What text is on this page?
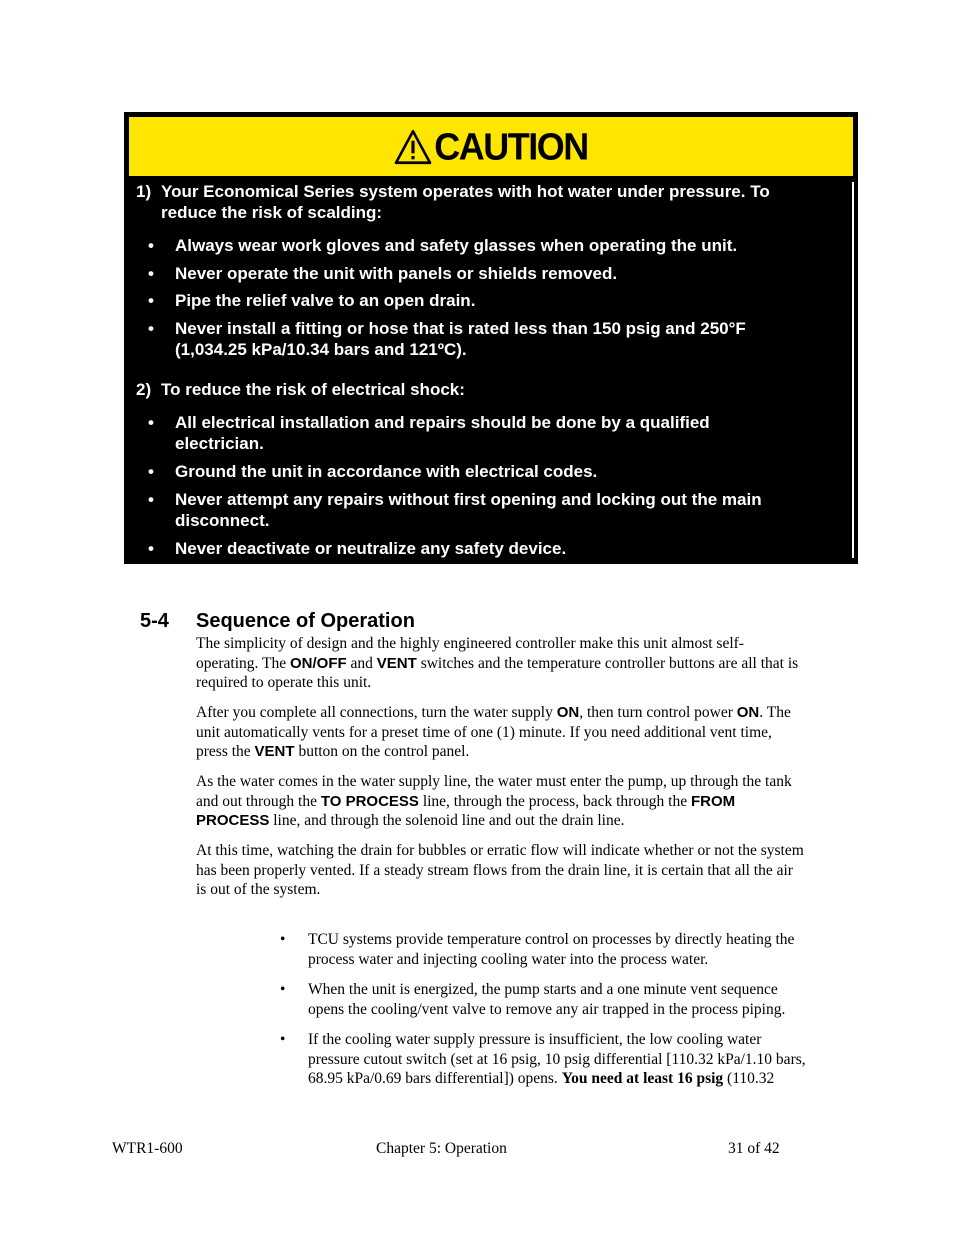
CAUTION
1) Your Economical Series system operates with hot water under pressure. To
reduce the risk of scalding:
• Always wear work gloves and safety glasses when operating the unit.
• Never operate the unit with panels or shields removed.
• Pipe the relief valve to an open drain.
• Never install a fitting or hose that is rated less than 150 psig and 250°F
(1,034.25 kPa/10.34 bars and 121ºC).
2) To reduce the risk of electrical shock:
• All electrical installation and repairs should be done by a qualified
electrician.
• Ground the unit in accordance with electrical codes.
• Never attempt any repairs without first opening and locking out the main
disconnect.
• Never deactivate or neutralize any safety device.
5-4 Sequence of Operation
The simplicity of design and the highly engineered controller make this unit almost self-
operating. The ON/OFF and VENT switches and the temperature controller buttons are all that is
required to operate this unit.
After you complete all connections, turn the water supply ON, then turn control power ON. The
unit automatically vents for a preset time of one (1) minute. If you need additional vent time,
press the VENT button on the control panel.
As the water comes in the water supply line, the water must enter the pump, up through the tank
and out through the TO PROCESS line, through the process, back through the FROM
PROCESS line, and through the solenoid line and out the drain line.
At this time, watching the drain for bubbles or erratic flow will indicate whether or not the system
has been properly vented. If a steady stream flows from the drain line, it is certain that all the air
is out of the system.
• TCU systems provide temperature control on processes by directly heating the
process water and injecting cooling water into the process water.
• When the unit is energized, the pump starts and a one minute vent sequence
opens the cooling/vent valve to remove any air trapped in the process piping.
• If the cooling water supply pressure is insufficient, the low cooling water
pressure cutout switch (set at 16 psig, 10 psig differential [110.32 kPa/1.10 bars,
68.95 kPa/0.69 bars differential]) opens. You need at least 16 psig (110.32
WTR1-600	Chapter 5: Operation	31 of 42
